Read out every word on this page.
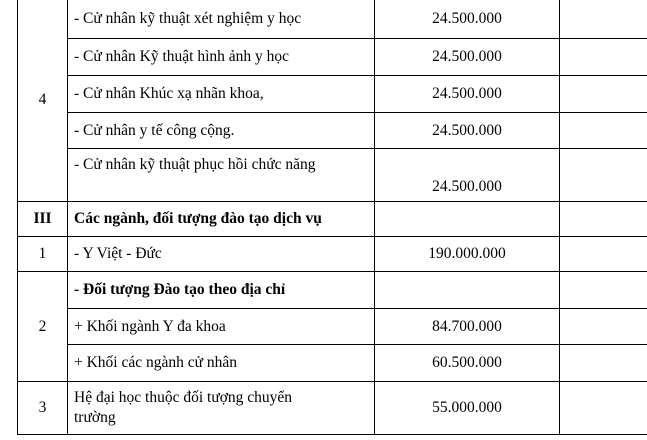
4	- Cử nhân kỹ thuật xét nghiệm y học	24.500.000	
	- Cử nhân Kỹ thuật hình ảnh y học	24.500.000	
	- Cử nhân Khúc xạ nhãn khoa,	24.500.000	
	- Cử nhân y tế công cộng.	24.500.000	
	- Cử nhân kỹ thuật phục hồi chức năng	24.500.000	
III	Các ngành, đối tượng đào tạo dịch vụ		
1	- Y Việt - Đức	190.000.000	
2	- Đối tượng Đào tạo theo địa chỉ		
	+ Khối ngành Y đa khoa	84.700.000	
	+ Khối các ngành cử nhân	60.500.000	
3	Hệ đại học thuộc đối tượng chuyển trường	55.000.000	
